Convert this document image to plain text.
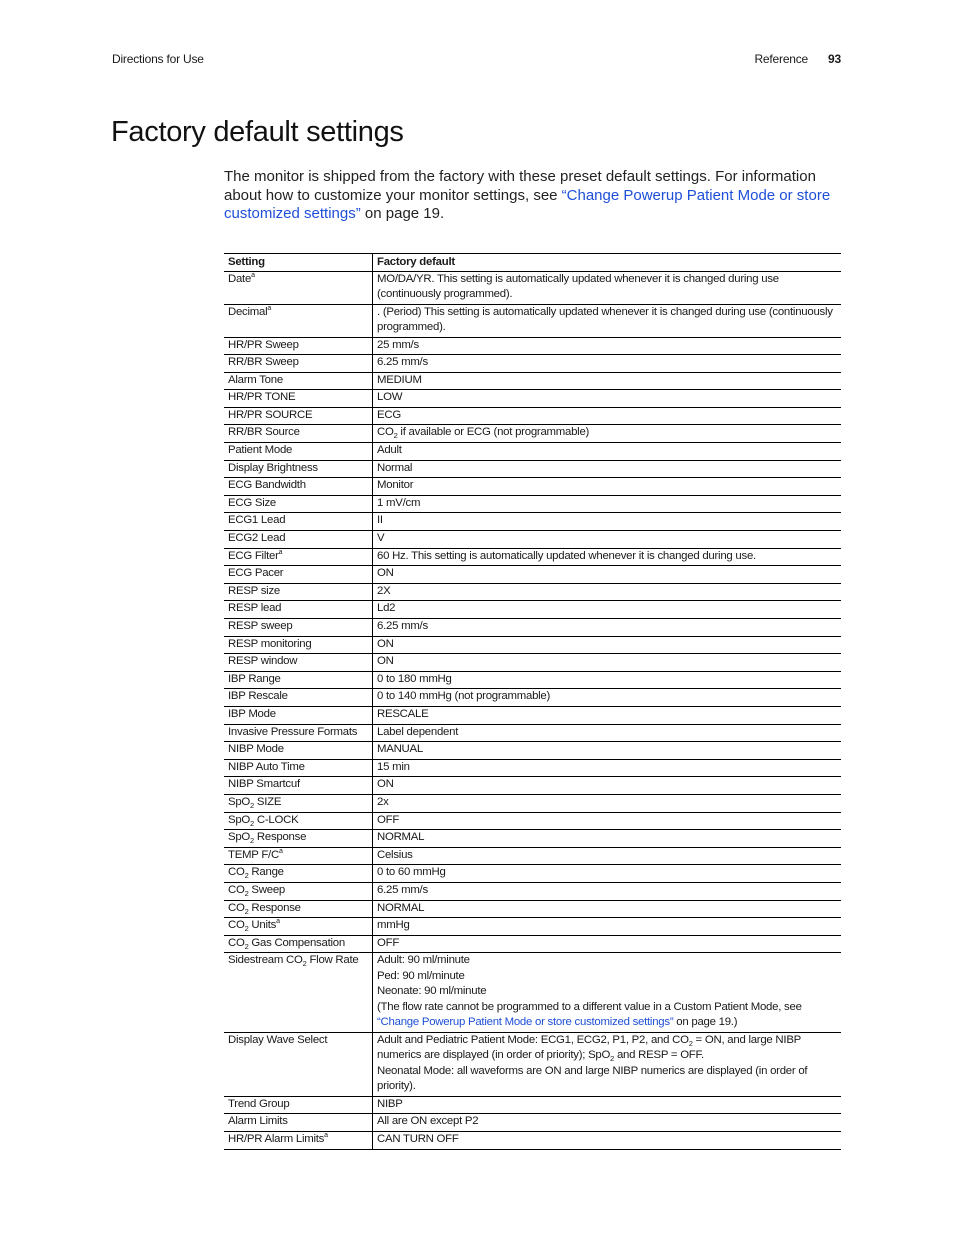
Directions for Use	Reference 93
Factory default settings

The monitor is shipped from the factory with these preset default settings. For information about how to customize your monitor settings, see “Change Powerup Patient Mode or store customized settings” on page 19.

Setting	Factory default
Date$^a$	MO/DA/YR. This setting is automatically updated whenever it is changed during use (continuously programmed).
Decimal$^a$	. (Period) This setting is automatically updated whenever it is changed during use (continuously programmed).
HR/PR Sweep	25 mm/s
RR/BR Sweep	6.25 mm/s
Alarm Tone	MEDIUM
HR/PR TONE	LOW
HR/PR SOURCE	ECG
RR/BR Source	$CO_2$ if available or ECG (not programmable)
Patient Mode	Adult
Display Brightness	Normal
ECG Bandwidth	Monitor
ECG Size	1 mV/cm
ECG1 Lead	II
ECG2 Lead	V
ECG Filter$^a$	60 Hz. This setting is automatically updated whenever it is changed during use.
ECG Pacer	ON
RESP size	2X
RESP lead	Ld2
RESP sweep	6.25 mm/s
RESP monitoring	ON
RESP window	ON
IBP Range	0 to 180 mmHg
IBP Rescale	0 to 140 mmHg (not programmable)
IBP Mode	RESCALE
Invasive Pressure Formats	Label dependent
NIBP Mode	MANUAL
NIBP Auto Time	15 min
NIBP Smartcuf	ON
SpO$_2$ SIZE	2x
SpO$_2$ C-LOCK	OFF
SpO$_2$ Response	NORMAL
TEMP $F/C^a$	Celsius
$CO_2$ Range	0 to 60 mmHg
$CO_2$ Sweep	6.25 mm/s
$CO_2$ Response	NORMAL
$CO_2$ Units$^a$	mmHg
$CO_2$ Gas Compensation	OFF
Sidestream $CO_2$ Flow Rate	Adult: 90 ml/minute
Ped: 90 ml/minute
Neonate: 90 ml/minute
(The flow rate cannot be programmed to a different value in a Custom Patient Mode, see “Change Powerup Patient Mode or store customized settings” on page 19.)
Display Wave Select	Adult and Pediatric Patient Mode: ECG1, ECG2, P1, P2, and $CO_2$ = ON, and large NIBP numerics are displayed (in order of priority); SpO$_2$ and RESP = OFF.
Neonatal Mode: all waveforms are ON and large NIBP numerics are displayed (in order of priority).
Trend Group	NIBP
Alarm Limits	All are ON except P2
HR/PR Alarm Limits$^a$	CAN TURN OFF
